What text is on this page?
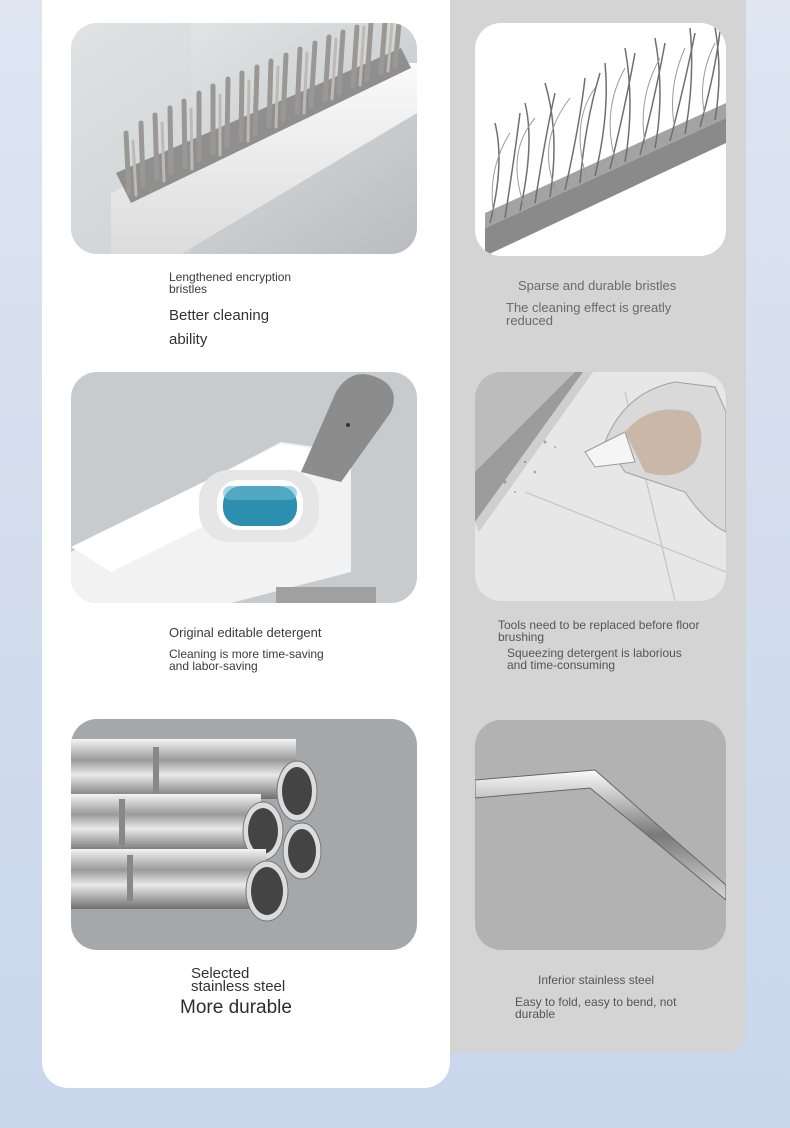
Lengthened encryption bristles

Better cleaning ability

Sparse and durable bristles

The cleaning effect is greatly reduced

Original editable detergent

Cleaning is more time-saving and labor-saving

Tools need to be replaced before floor brushing

Squeezing detergent is laborious and time-consuming

Selected stainless steel

More durable

Inferior stainless steel

Easy to fold, easy to bend, not durable
